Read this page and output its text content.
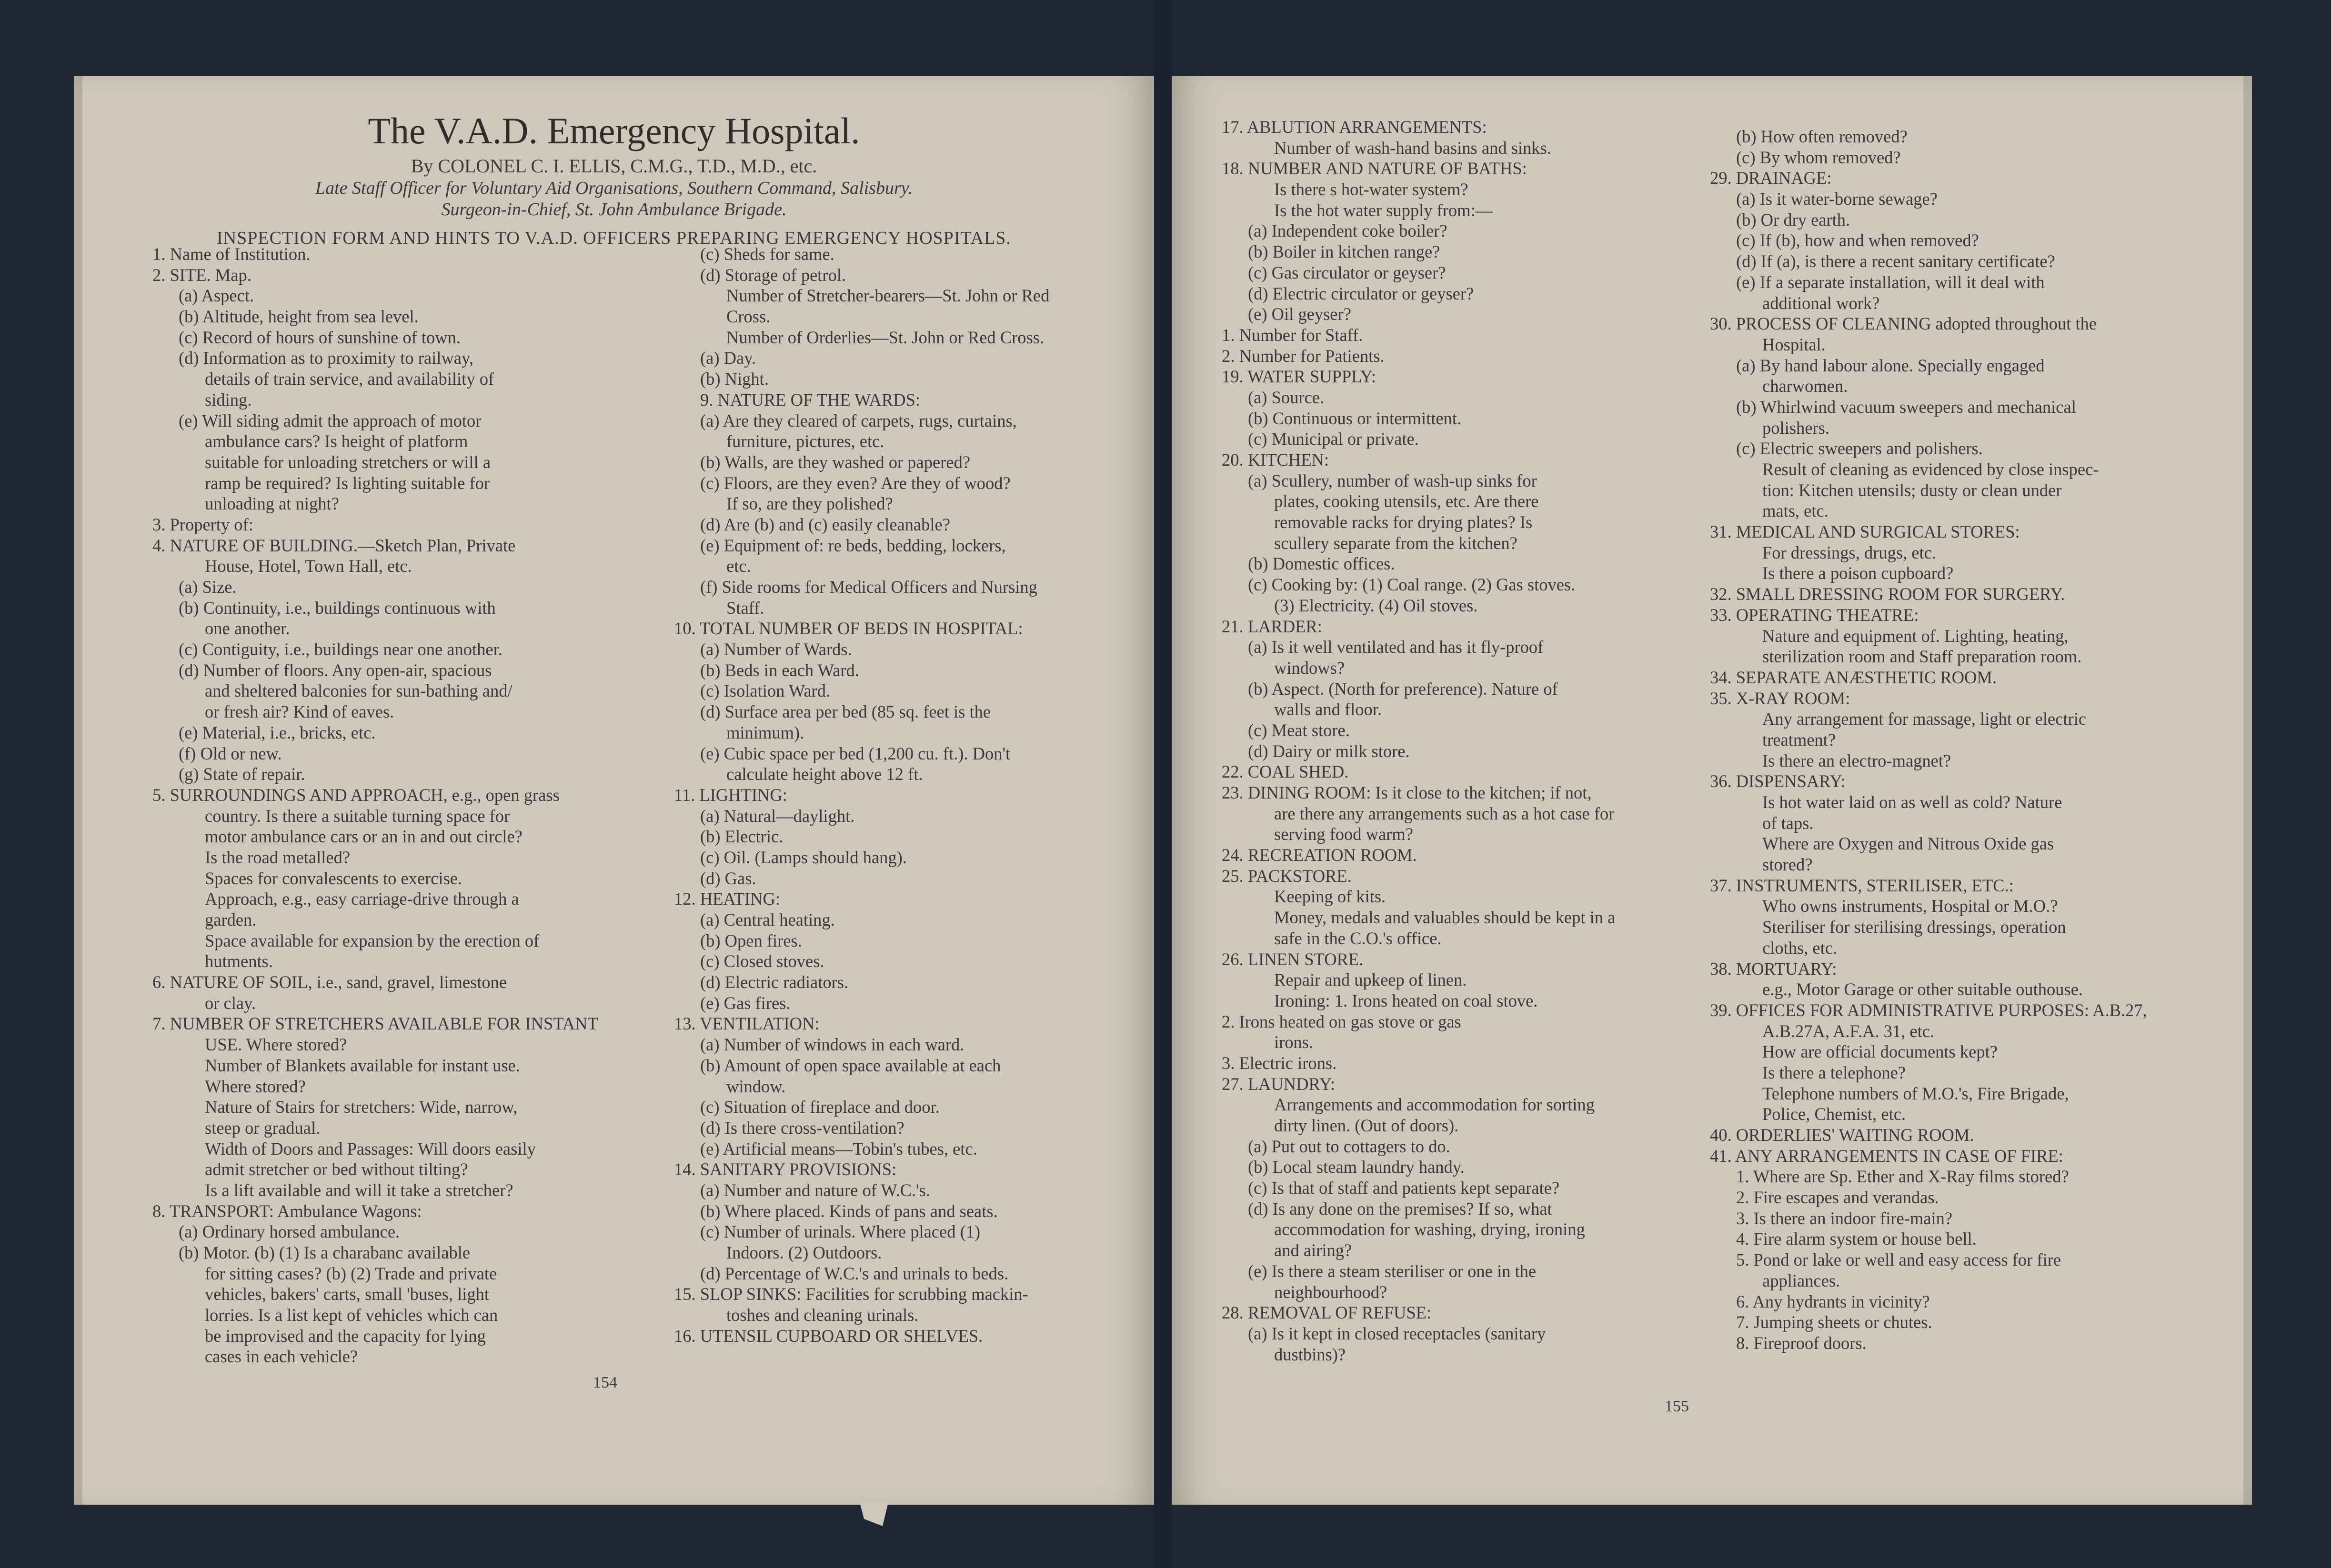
The V.A.D. Emergency Hospital.
By COLONEL C. I. ELLIS, C.M.G., T.D., M.D., etc.
Late Staff Officer for Voluntary Aid Organisations, Southern Command, Salisbury.
Surgeon-in-Chief, St. John Ambulance Brigade.
INSPECTION FORM AND HINTS TO V.A.D. OFFICERS PREPARING EMERGENCY HOSPITALS.
1. Name of Institution.
2. SITE. Map.
(a) Aspect.
(b) Altitude, height from sea level.
(c) Record of hours of sunshine of town.
(d) Information as to proximity to railway,
details of train service, and availability of
siding.
(e) Will siding admit the approach of motor
ambulance cars? Is height of platform
suitable for unloading stretchers or will a
ramp be required? Is lighting suitable for
unloading at night?
3. Property of:
4. NATURE OF BUILDING.—Sketch Plan, Private
House, Hotel, Town Hall, etc.
(a) Size.
(b) Continuity, i.e., buildings continuous with
one another.
(c) Contiguity, i.e., buildings near one another.
(d) Number of floors. Any open-air, spacious
and sheltered balconies for sun-bathing and/
or fresh air? Kind of eaves.
(e) Material, i.e., bricks, etc.
(f) Old or new.
(g) State of repair.
5. SURROUNDINGS AND APPROACH, e.g., open grass
country. Is there a suitable turning space for
motor ambulance cars or an in and out circle?
Is the road metalled?
Spaces for convalescents to exercise.
Approach, e.g., easy carriage-drive through a
garden.
Space available for expansion by the erection of
hutments.
6. NATURE OF SOIL, i.e., sand, gravel, limestone
or clay.
7. NUMBER OF STRETCHERS AVAILABLE FOR INSTANT
USE. Where stored?
Number of Blankets available for instant use.
Where stored?
Nature of Stairs for stretchers: Wide, narrow,
steep or gradual.
Width of Doors and Passages: Will doors easily
admit stretcher or bed without tilting?
Is a lift available and will it take a stretcher?
8. TRANSPORT: Ambulance Wagons:
(a) Ordinary horsed ambulance.
(b) Motor. (b) (1) Is a charabanc available
for sitting cases? (b) (2) Trade and private
vehicles, bakers' carts, small 'buses, light
lorries. Is a list kept of vehicles which can
be improvised and the capacity for lying
cases in each vehicle?
(c) Sheds for same.
(d) Storage of petrol.
Number of Stretcher-bearers—St. John or Red
Cross.
Number of Orderlies—St. John or Red Cross.
(a) Day.
(b) Night.
9. NATURE OF THE WARDS:
(a) Are they cleared of carpets, rugs, curtains,
furniture, pictures, etc.
(b) Walls, are they washed or papered?
(c) Floors, are they even? Are they of wood?
If so, are they polished?
(d) Are (b) and (c) easily cleanable?
(e) Equipment of: re beds, bedding, lockers,
etc.
(f) Side rooms for Medical Officers and Nursing
Staff.
10. TOTAL NUMBER OF BEDS IN HOSPITAL:
(a) Number of Wards.
(b) Beds in each Ward.
(c) Isolation Ward.
(d) Surface area per bed (85 sq. feet is the
minimum).
(e) Cubic space per bed (1,200 cu. ft.). Don't
calculate height above 12 ft.
11. LIGHTING:
(a) Natural—daylight.
(b) Electric.
(c) Oil. (Lamps should hang).
(d) Gas.
12. HEATING:
(a) Central heating.
(b) Open fires.
(c) Closed stoves.
(d) Electric radiators.
(e) Gas fires.
13. VENTILATION:
(a) Number of windows in each ward.
(b) Amount of open space available at each
window.
(c) Situation of fireplace and door.
(d) Is there cross-ventilation?
(e) Artificial means—Tobin's tubes, etc.
14. SANITARY PROVISIONS:
(a) Number and nature of W.C.'s.
(b) Where placed. Kinds of pans and seats.
(c) Number of urinals. Where placed (1)
Indoors. (2) Outdoors.
(d) Percentage of W.C.'s and urinals to beds.
15. SLOP SINKS: Facilities for scrubbing mackin-
toshes and cleaning urinals.
16. UTENSIL CUPBOARD OR SHELVES.
154
17. ABLUTION ARRANGEMENTS:
Number of wash-hand basins and sinks.
18. NUMBER AND NATURE OF BATHS:
Is there s hot-water system?
Is the hot water supply from:—
(a) Independent coke boiler?
(b) Boiler in kitchen range?
(c) Gas circulator or geyser?
(d) Electric circulator or geyser?
(e) Oil geyser?
1. Number for Staff.
2. Number for Patients.
19. WATER SUPPLY:
(a) Source.
(b) Continuous or intermittent.
(c) Municipal or private.
20. KITCHEN:
(a) Scullery, number of wash-up sinks for
plates, cooking utensils, etc. Are there
removable racks for drying plates? Is
scullery separate from the kitchen?
(b) Domestic offices.
(c) Cooking by: (1) Coal range. (2) Gas stoves.
(3) Electricity. (4) Oil stoves.
21. LARDER:
(a) Is it well ventilated and has it fly-proof
windows?
(b) Aspect. (North for preference). Nature of
walls and floor.
(c) Meat store.
(d) Dairy or milk store.
22. COAL SHED.
23. DINING ROOM: Is it close to the kitchen; if not,
are there any arrangements such as a hot case for
serving food warm?
24. RECREATION ROOM.
25. PACKSTORE.
Keeping of kits.
Money, medals and valuables should be kept in a
safe in the C.O.'s office.
26. LINEN STORE.
Repair and upkeep of linen.
Ironing: 1. Irons heated on coal stove.
2. Irons heated on gas stove or gas
irons.
3. Electric irons.
27. LAUNDRY:
Arrangements and accommodation for sorting
dirty linen. (Out of doors).
(a) Put out to cottagers to do.
(b) Local steam laundry handy.
(c) Is that of staff and patients kept separate?
(d) Is any done on the premises? If so, what
accommodation for washing, drying, ironing
and airing?
(e) Is there a steam steriliser or one in the
neighbourhood?
28. REMOVAL OF REFUSE:
(a) Is it kept in closed receptacles (sanitary
dustbins)?
(b) How often removed?
(c) By whom removed?
29. DRAINAGE:
(a) Is it water-borne sewage?
(b) Or dry earth.
(c) If (b), how and when removed?
(d) If (a), is there a recent sanitary certificate?
(e) If a separate installation, will it deal with
additional work?
30. PROCESS OF CLEANING adopted throughout the
Hospital.
(a) By hand labour alone. Specially engaged
charwomen.
(b) Whirlwind vacuum sweepers and mechanical
polishers.
(c) Electric sweepers and polishers.
Result of cleaning as evidenced by close inspec-
tion: Kitchen utensils; dusty or clean under
mats, etc.
31. MEDICAL AND SURGICAL STORES:
For dressings, drugs, etc.
Is there a poison cupboard?
32. SMALL DRESSING ROOM FOR SURGERY.
33. OPERATING THEATRE:
Nature and equipment of. Lighting, heating,
sterilization room and Staff preparation room.
34. SEPARATE ANÆSTHETIC ROOM.
35. X-RAY ROOM:
Any arrangement for massage, light or electric
treatment?
Is there an electro-magnet?
36. DISPENSARY:
Is hot water laid on as well as cold? Nature
of taps.
Where are Oxygen and Nitrous Oxide gas
stored?
37. INSTRUMENTS, STERILISER, ETC.:
Who owns instruments, Hospital or M.O.?
Steriliser for sterilising dressings, operation
cloths, etc.
38. MORTUARY:
e.g., Motor Garage or other suitable outhouse.
39. OFFICES FOR ADMINISTRATIVE PURPOSES: A.B.27,
A.B.27A, A.F.A. 31, etc.
How are official documents kept?
Is there a telephone?
Telephone numbers of M.O.'s, Fire Brigade,
Police, Chemist, etc.
40. ORDERLIES' WAITING ROOM.
41. ANY ARRANGEMENTS IN CASE OF FIRE:
1. Where are Sp. Ether and X-Ray films stored?
2. Fire escapes and verandas.
3. Is there an indoor fire-main?
4. Fire alarm system or house bell.
5. Pond or lake or well and easy access for fire
appliances.
6. Any hydrants in vicinity?
7. Jumping sheets or chutes.
8. Fireproof doors.
155
